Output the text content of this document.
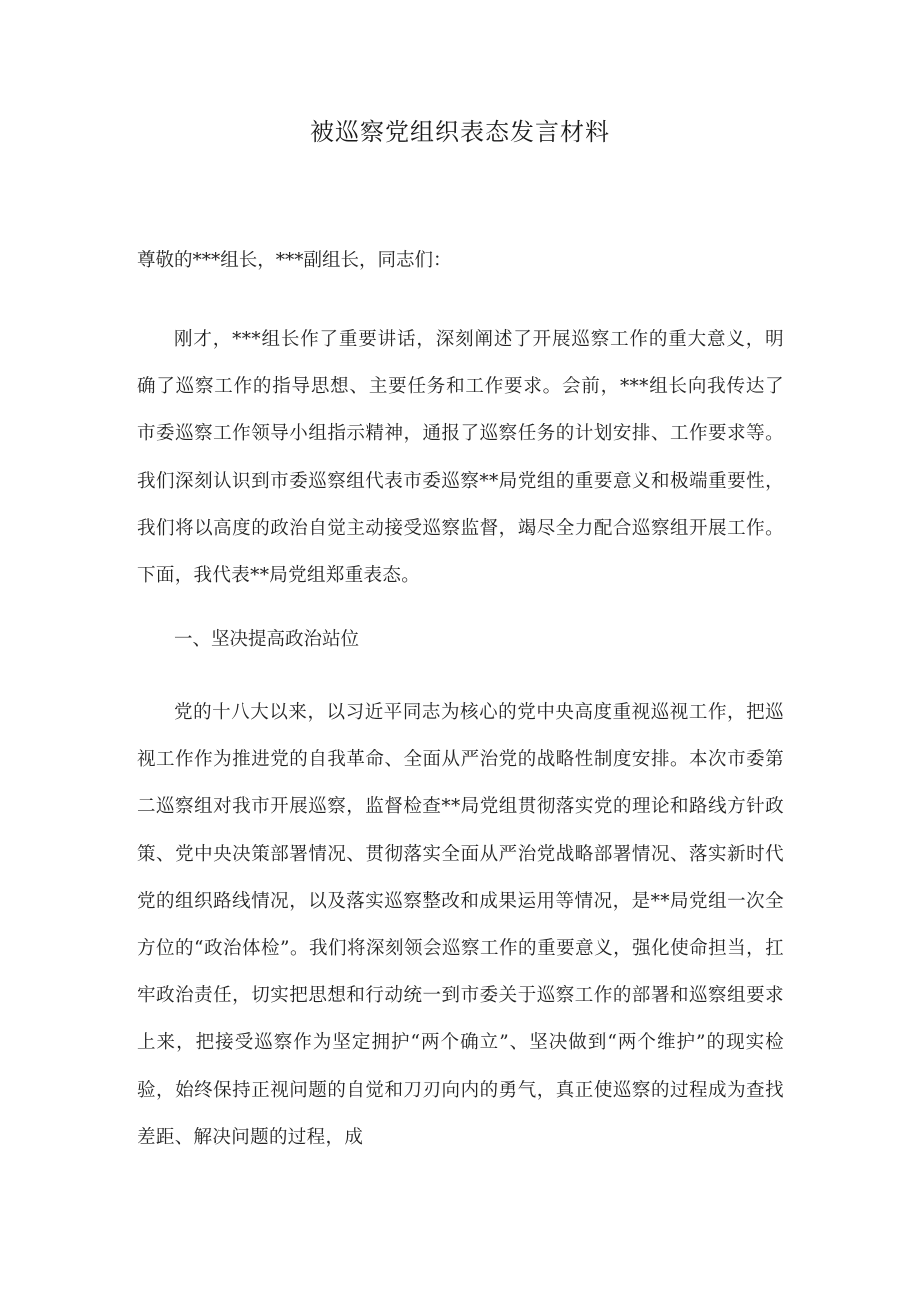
被巡察党组织表态发言材料
尊敬的***组长，***副组长，同志们：
刚才，***组长作了重要讲话，深刻阐述了开展巡察工作的重大意义，明确了巡察工作的指导思想、主要任务和工作要求。会前，***组长向我传达了市委巡察工作领导小组指示精神，通报了巡察任务的计划安排、工作要求等。我们深刻认识到市委巡察组代表市委巡察**局党组的重要意义和极端重要性，我们将以高度的政治自觉主动接受巡察监督，竭尽全力配合巡察组开展工作。下面，我代表**局党组郑重表态。
一、坚决提高政治站位
党的十八大以来，以习近平同志为核心的党中央高度重视巡视工作，把巡视工作作为推进党的自我革命、全面从严治党的战略性制度安排。本次市委第二巡察组对我市开展巡察，监督检查**局党组贯彻落实党的理论和路线方针政策、党中央决策部署情况、贯彻落实全面从严治党战略部署情况、落实新时代党的组织路线情况，以及落实巡察整改和成果运用等情况，是**局党组一次全方位的“政治体检”。我们将深刻领会巡察工作的重要意义，强化使命担当，扛牢政治责任，切实把思想和行动统一到市委关于巡察工作的部署和巡察组要求上来，把接受巡察作为坚定拥护“两个确立”、坚决做到“两个维护”的现实检验，始终保持正视问题的自觉和刀刃向内的勇气，真正使巡察的过程成为查找差距、解决问题的过程，成
